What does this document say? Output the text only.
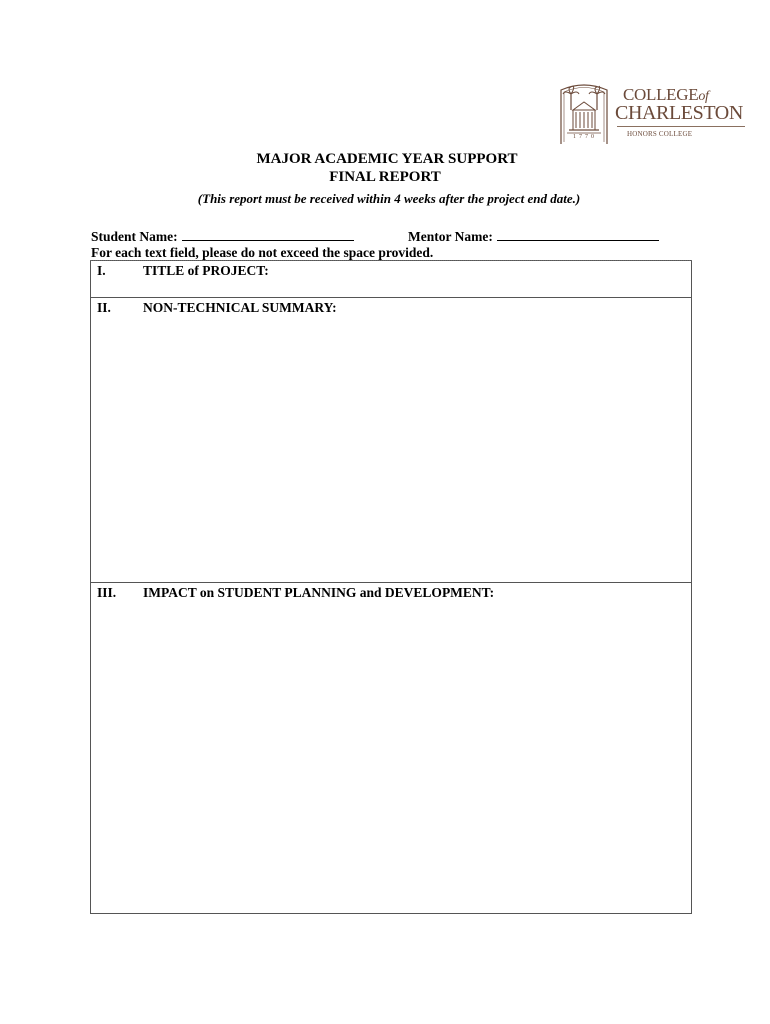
1770
COLLEGEof
CHARLESTON
HONORS COLLEGE
MAJOR ACADEMIC YEAR SUPPORT
FINAL REPORT
(This report must be received within 4 weeks after the project end date.)
Student Name:	Mentor Name:
For each text field, please do not exceed the space provided.
I.	TITLE of PROJECT:
II. NON-TECHNICAL SUMMARY:
III. IMPACT on STUDENT PLANNING and DEVELOPMENT:
